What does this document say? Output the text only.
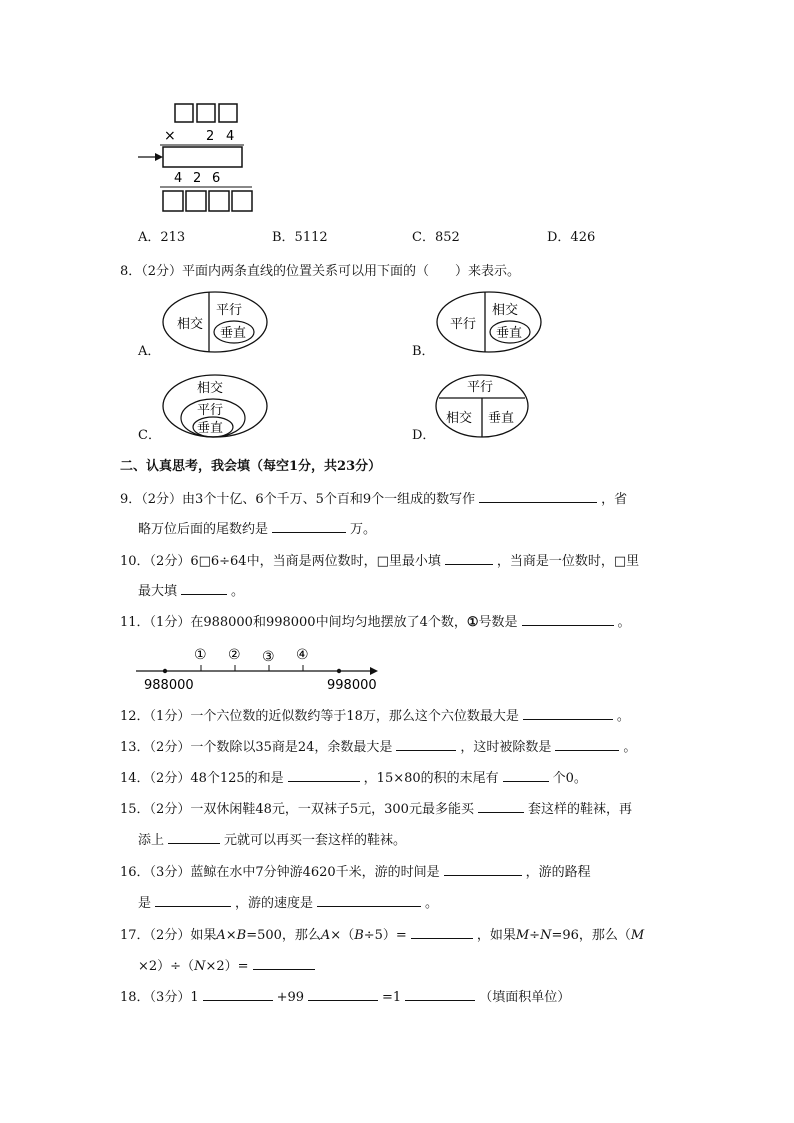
× 2 4
4 2 6
A．213	B．5112	C．852	D．426
8．（2分）平面内两条直线的位置关系可以用下面的（　　）来表示。
A．
相交
平行
垂直
B．
平行
相交
垂直
C．
相交
平行
垂直	D．
平行
相交 垂直
二、认真思考，我会填（每空1分，共23分）
9．（2分）由3个十亿、6个千万、5个百和9个一组成的数写作	，省
略万位后面的尾数约是	万。
10．（2分）6□6÷64中，当商是两位数时，□里最小填	，当商是一位数时，□里
最大填	。
11．（1分）在988000和998000中间均匀地摆放了4个数，①号数是	。
① ② ③ ④
988000	998000
12．（1分）一个六位数的近似数约等于18万，那么这个六位数最大是	。
13．（2分）一个数除以35商是24，余数最大是	，这时被除数是	。
14．（2分）48个125的和是	，15×80的积的末尾有	个0。
15．（2分）一双休闲鞋48元，一双袜子5元，300元最多能买	套这样的鞋袜，再
添上	元就可以再买一套这样的鞋袜。
16．（3分）蓝鲸在水中7分钟游4620千米，游的时间是	，游的路程
是	，游的速度是	。
17．（2分）如果A×B=500，那么A×（B÷5）=	，如果M÷N=96，那么（M
×2）÷（N×2）=
18．（3分）1	+99	=1	（填面积单位）
